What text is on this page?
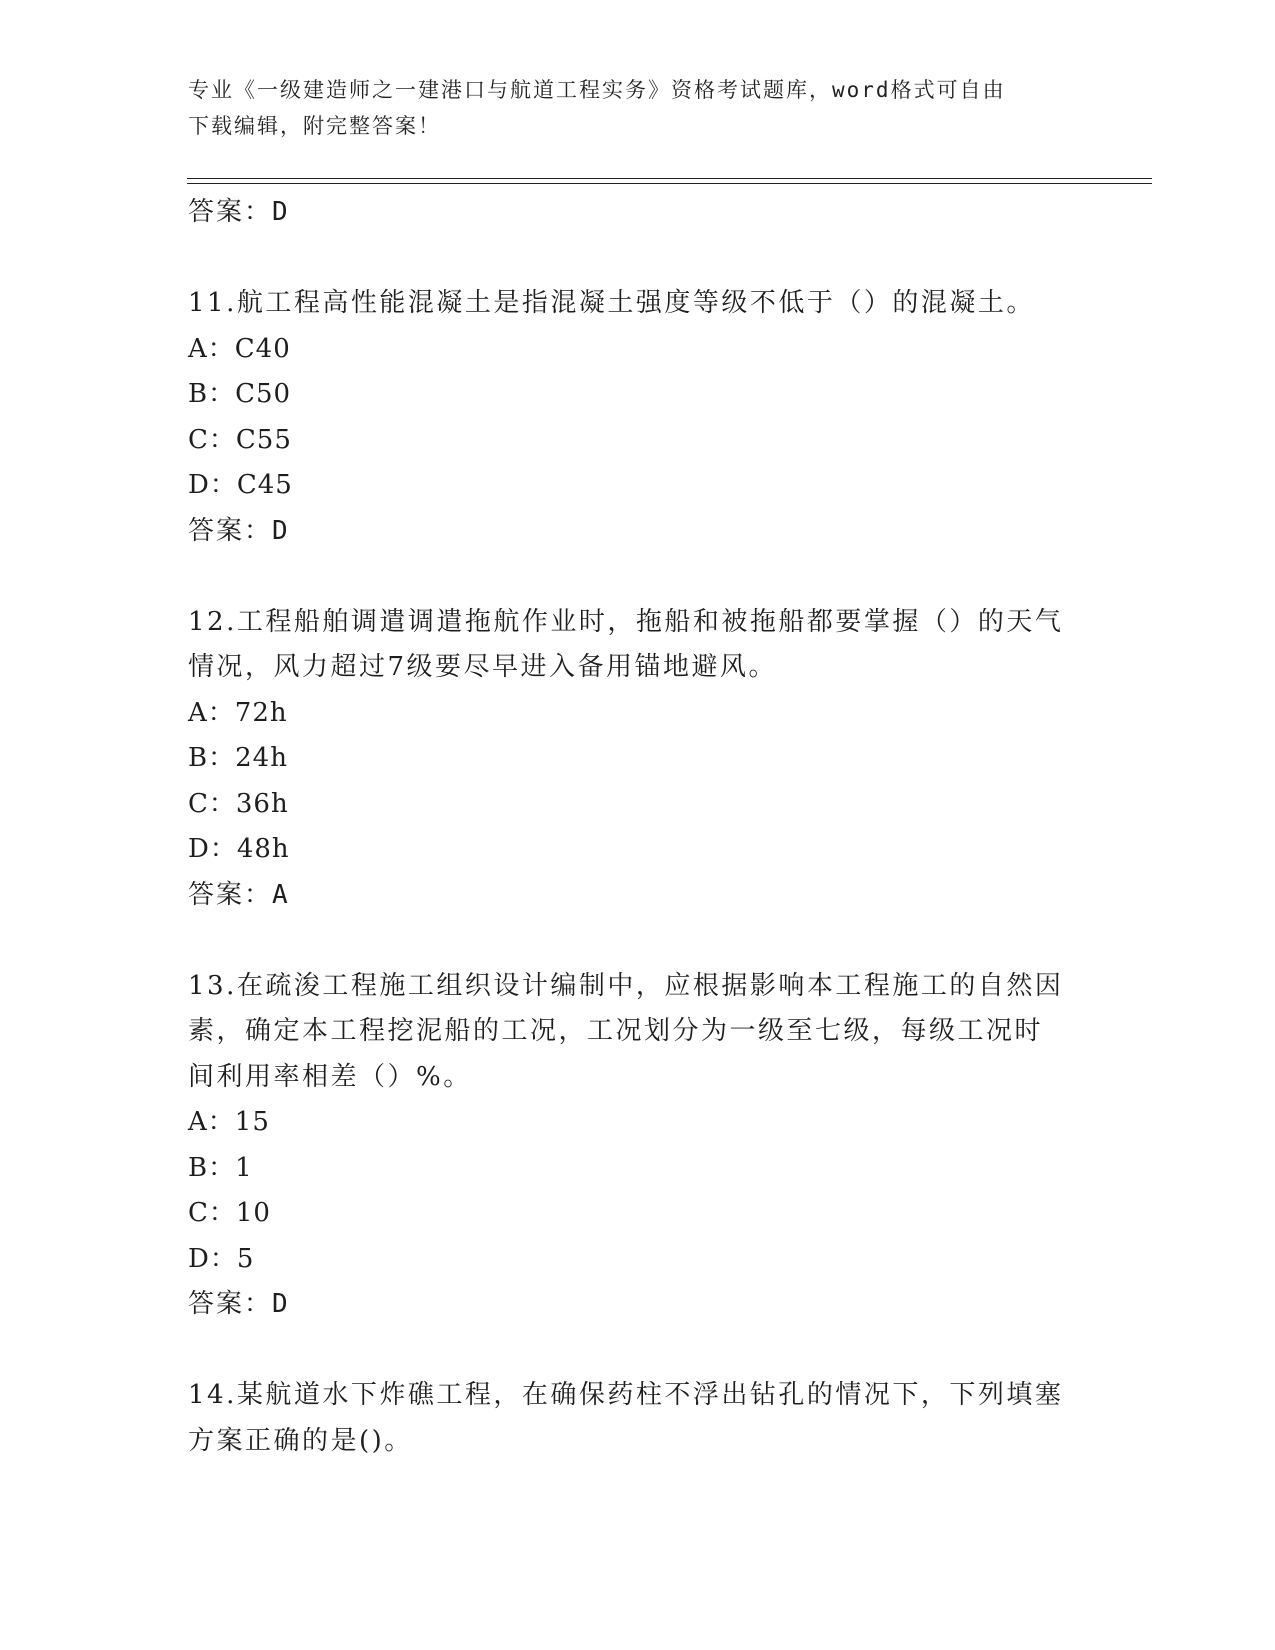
专业《一级建造师之一建港口与航道工程实务》资格考试题库，word格式可自由
下载编辑，附完整答案！
答案：D
11.航工程高性能混凝土是指混凝土强度等级不低于（）的混凝土。
A：C40
B：C50
C：C55
D：C45
答案：D
12.工程船舶调遣调遣拖航作业时，拖船和被拖船都要掌握（）的天气
情况，风力超过7级要尽早进入备用锚地避风。
A：72h
B：24h
C：36h
D：48h
答案：A
13.在疏浚工程施工组织设计编制中，应根据影响本工程施工的自然因
素，确定本工程挖泥船的工况，工况划分为一级至七级，每级工况时
间利用率相差（）%。
A：15
B：1
C：10
D：5
答案：D
14.某航道水下炸礁工程，在确保药柱不浮出钻孔的情况下，下列填塞
方案正确的是()。
